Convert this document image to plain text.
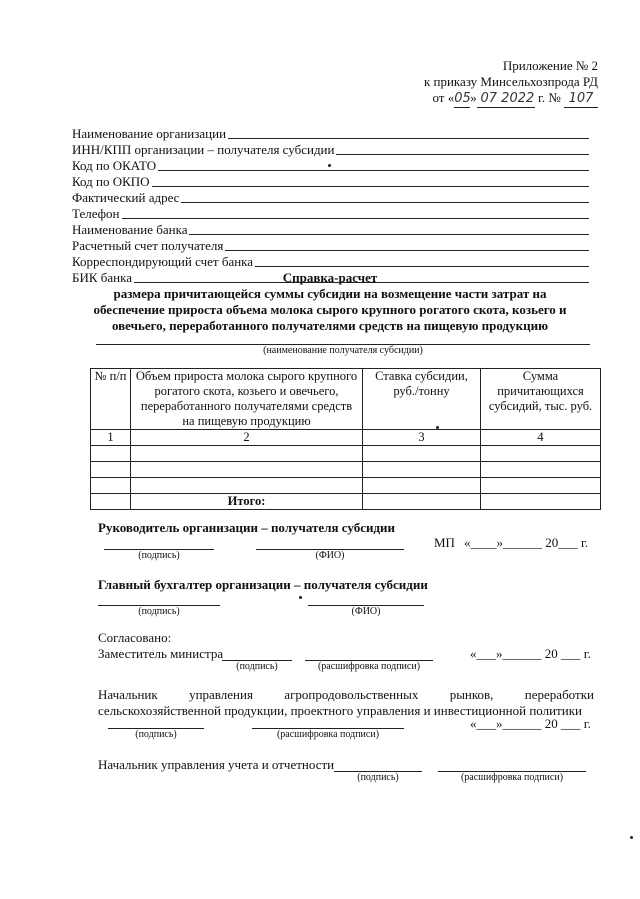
Приложение № 2
к приказу Минсельхозпрода РД
от «05» 07 2022 г. № 107
Наименование организации
ИНН/КПП организации – получателя субсидии
Код по ОКАТО
Код по ОКПО
Фактический адрес
Телефон
Наименование банка
Расчетный счет получателя
Корреспондирующий счет банка
БИК банка	Справка-расчет
размера причитающейся суммы субсидии на возмещение части затрат на
обеспечение прироста объема молока сырого крупного рогатого скота, козьего и
овечьего, переработанного получателями средств на пищевую продукцию
(наименование получателя субсидии)
№ п/п	Объем прироста молока сырого крупного рогатого скота, козьего и овечьего, переработанного получателями средств на пищевую продукцию	Ставка субсидии, руб./тонну	Сумма причитающихся субсидий, тыс. руб.
1	2	3	4

	Итого:		
Руководитель организации – получателя субсидии
(подпись)	(ФИО)
МП «____»______ 20___ г.
Главный бухгалтер организации – получателя субсидии
(подпись)	(ФИО)
Согласовано:
Заместитель министра
(подпись)	(расшифровка подписи)
«___»______ 20 ___ г.
Начальник управления агропродовольственных рынков, переработки
сельскохозяйственной продукции, проектного управления и инвестиционной политики
(подпись)	(расшифровка подписи)
«___»______ 20 ___ г.
Начальник управления учета и отчетности
(подпись)	(расшифровка подписи)
